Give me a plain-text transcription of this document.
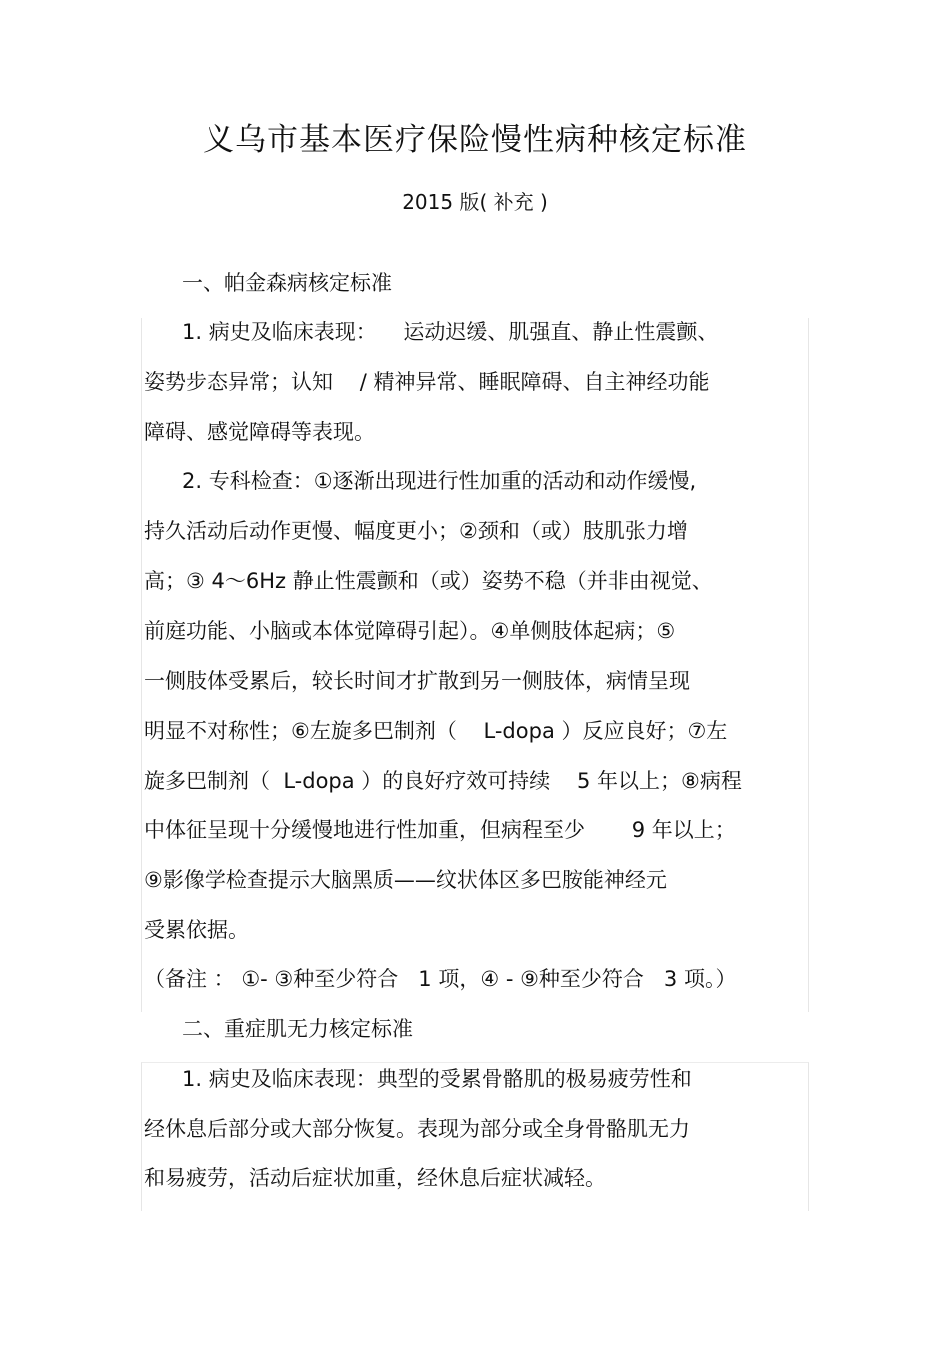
义乌市基本医疗保险慢性病种核定标准
2015 版( 补充 )
一、帕金森病核定标准
1. 病史及临床表现：    运动迟缓、肌强直、静止性震颤、
姿势步态异常；认知    / 精神异常、睡眠障碍、自主神经功能
障碍、感觉障碍等表现。
2. 专科检查：①逐渐出现进行性加重的活动和动作缓慢,
持久活动后动作更慢、幅度更小；②颈和（或）肢肌张力增
高；③ 4～6Hz 静止性震颤和（或）姿势不稳（并非由视觉、
前庭功能、小脑或本体觉障碍引起）。④单侧肢体起病；⑤
一侧肢体受累后，较长时间才扩散到另一侧肢体，病情呈现
明显不对称性；⑥左旋多巴制剂（    L-dopa ）反应良好；⑦左
旋多巴制剂（  L-dopa ）的良好疗效可持续    5 年以上；⑧病程
中体征呈现十分缓慢地进行性加重，但病程至少       9 年以上；
⑨影像学检查提示大脑黑质——纹状体区多巴胺能神经元
受累依据。
（备注 ： ①- ③种至少符合   1 项，④ - ⑨种至少符合   3 项。）
二、重症肌无力核定标准
1. 病史及临床表现：典型的受累骨骼肌的极易疲劳性和
经休息后部分或大部分恢复。表现为部分或全身骨骼肌无力
和易疲劳，活动后症状加重，经休息后症状减轻。
